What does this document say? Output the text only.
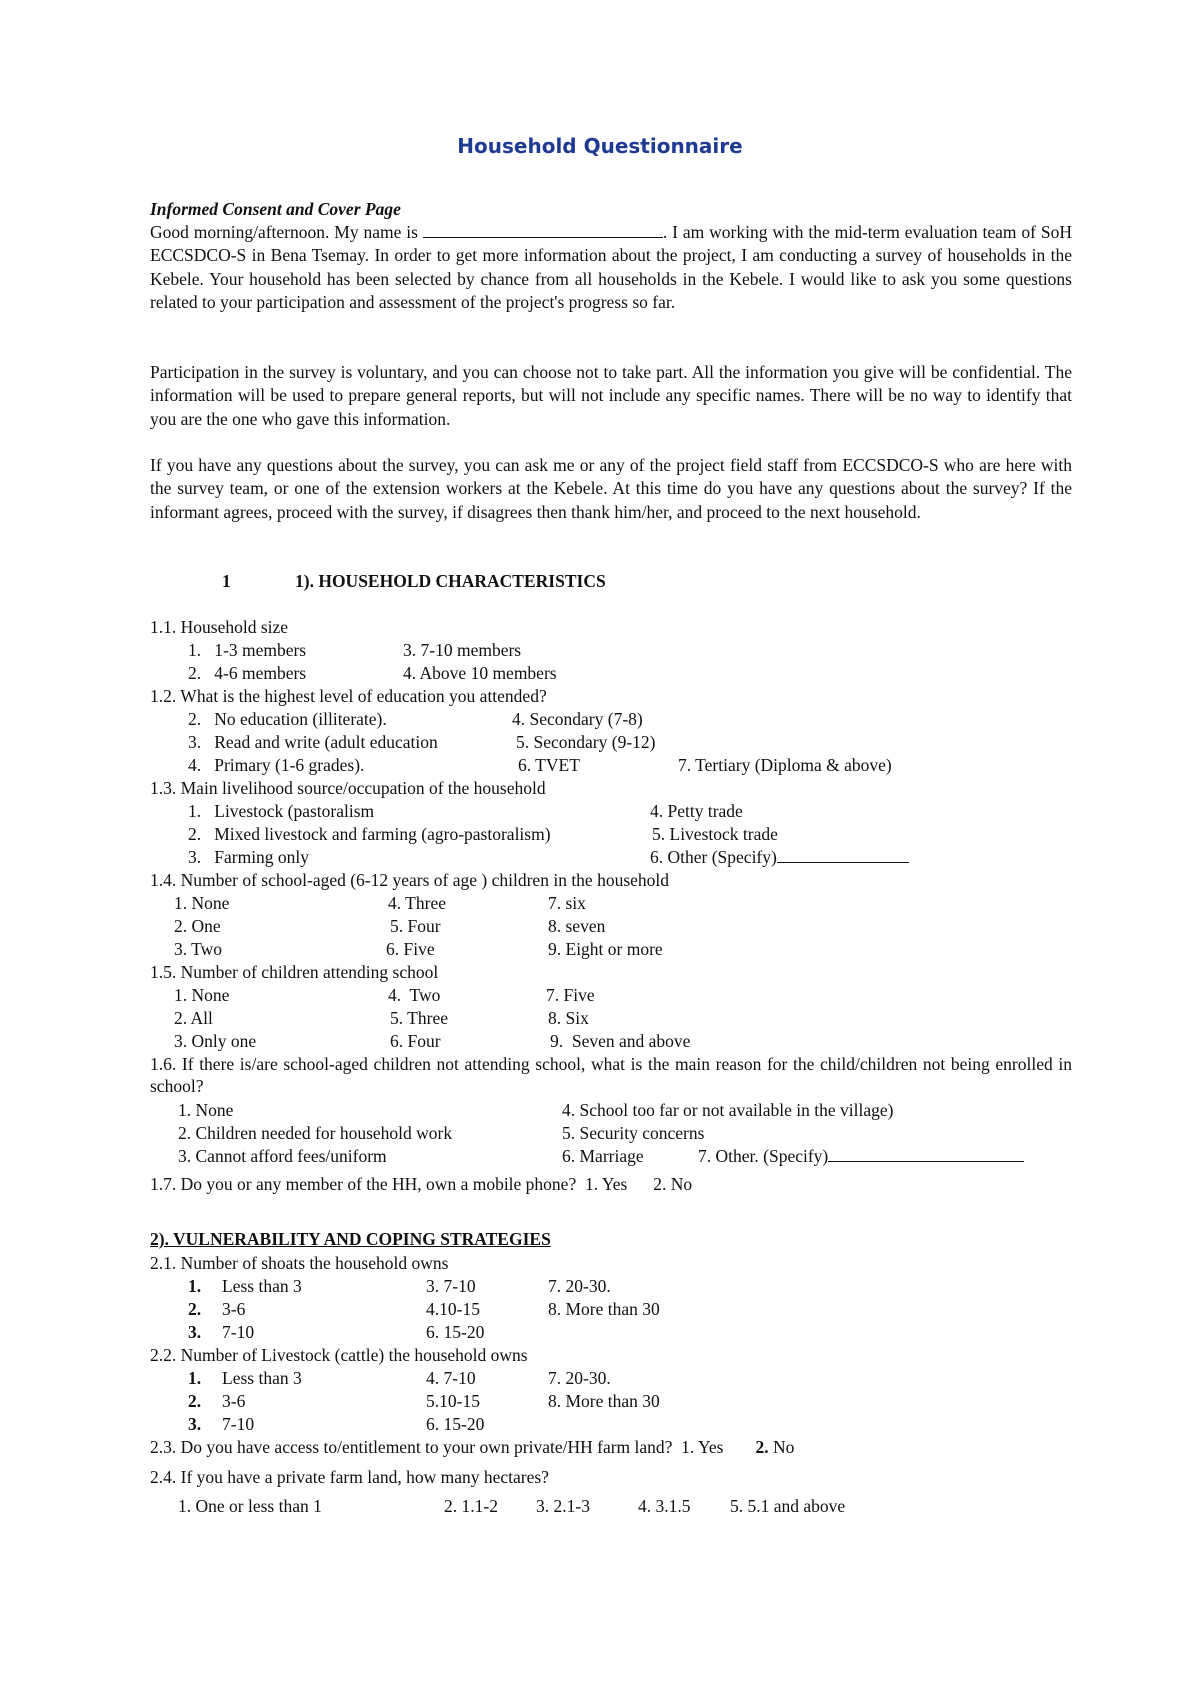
Household Questionnaire
Informed Consent and Cover Page
Good morning/afternoon. My name is	. I am working with the mid-term evaluation team of SoH ECCSDCO-S in Bena Tsemay. In order to get more information about the project, I am conducting a survey of households in the Kebele. Your household has been selected by chance from all households in the Kebele. I would like to ask you some questions related to your participation and assessment of the project's progress so far.
Participation in the survey is voluntary, and you can choose not to take part. All the information you give will be confidential. The information will be used to prepare general reports, but will not include any specific names. There will be no way to identify that you are the one who gave this information.
If you have any questions about the survey, you can ask me or any of the project field staff from ECCSDCO-S who are here with the survey team, or one of the extension workers at the Kebele. At this time do you have any questions about the survey? If the informant agrees, proceed with the survey, if disagrees then thank him/her, and proceed to the next household.
1	1). HOUSEHOLD CHARACTERISTICS
1.1. Household size
1.   1-3 members	3. 7-10 members
2.   4-6 members	4. Above 10 members
1.2. What is the highest level of education you attended?
2.   No education (illiterate).	4. Secondary (7-8)
3.   Read and write (adult education	5. Secondary (9-12)
4.   Primary (1-6 grades).	6. TVET	7. Tertiary (Diploma & above)
1.3. Main livelihood source/occupation of the household
1.   Livestock (pastoralism	4. Petty trade
2.   Mixed livestock and farming (agro-pastoralism)	5. Livestock trade
3.   Farming only	6. Other (Specify)
1.4. Number of school-aged (6-12 years of age ) children in the household
1. None	4. Three	7. six
2. One	5. Four	8. seven
3. Two	6. Five	9. Eight or more
1.5. Number of children attending school
1. None	4.  Two	7. Five
2. All	5. Three	8. Six
3. Only one	6. Four	9.  Seven and above
1.6. If there is/are school-aged children not attending school, what is the main reason for the child/children not being enrolled in school?
1. None	4. School too far or not available in the village)
2. Children needed for household work	5. Security concerns
3. Cannot afford fees/uniform	6. Marriage	7. Other. (Specify)
1.7. Do you or any member of the HH, own a mobile phone?  1. Yes 2. No
2). VULNERABILITY AND COPING STRATEGIES
2.1. Number of shoats the household owns
1. Less than 3	3. 7-10	7. 20-30.
2. 3-6	4.10-15	8. More than 30
3. 7-10	6. 15-20
2.2. Number of Livestock (cattle) the household owns
1. Less than 3	4. 7-10	7. 20-30.
2. 3-6	5.10-15	8. More than 30
3. 7-10	6. 15-20
2.3. Do you have access to/entitlement to your own private/HH farm land?  1. Yes 2. No
2.4. If you have a private farm land, how many hectares?
1. One or less than 1	2. 1.1-2 3. 2.1-3	4. 3.1.5 5. 5.1 and above
